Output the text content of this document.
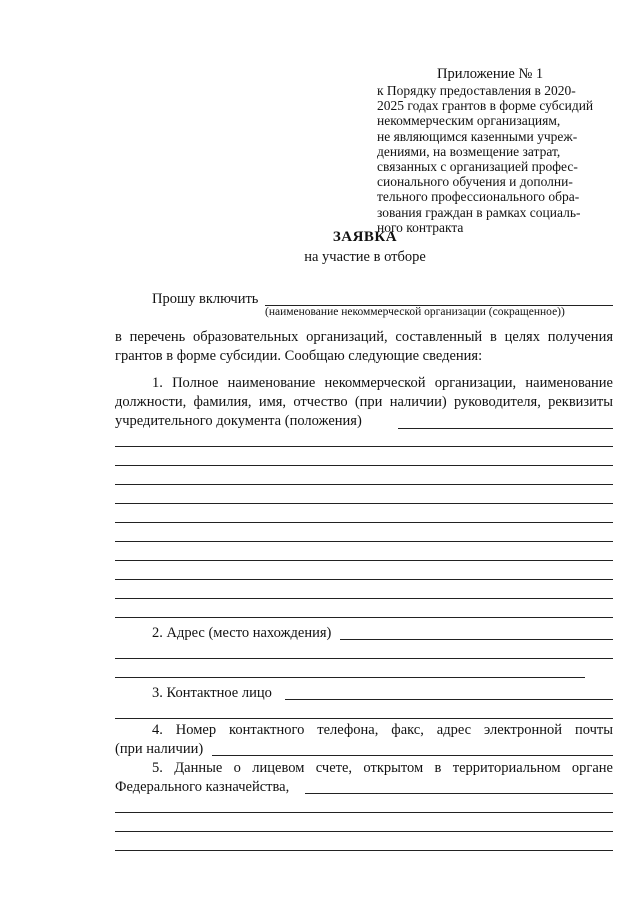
Приложение № 1
к Порядку предоставления в 2020-
2025 годах грантов в форме субсидий
некоммерческим организациям,
не являющимся казенными учреж-
дениями, на возмещение затрат,
связанных с организацией профес-
сионального обучения и дополни-
тельного профессионального обра-
зования граждан в рамках социаль-
ного контракта
ЗАЯВКА
на участие в отборе
Прошу включить
(наименование некоммерческой организации (сокращенное))
в перечень образовательных организаций, составленный в целях получения
грантов в форме субсидии. Сообщаю следующие сведения:
1. Полное наименование некоммерческой организации, наименование
должности, фамилия, имя, отчество (при наличии) руководителя, реквизиты
учредительного документа (положения)
2. Адрес (место нахождения)
3. Контактное лицо
4. Номер контактного телефона, факс, адрес электронной почты
(при наличии)
5. Данные о лицевом счете, открытом в территориальном органе
Федерального казначейства,
